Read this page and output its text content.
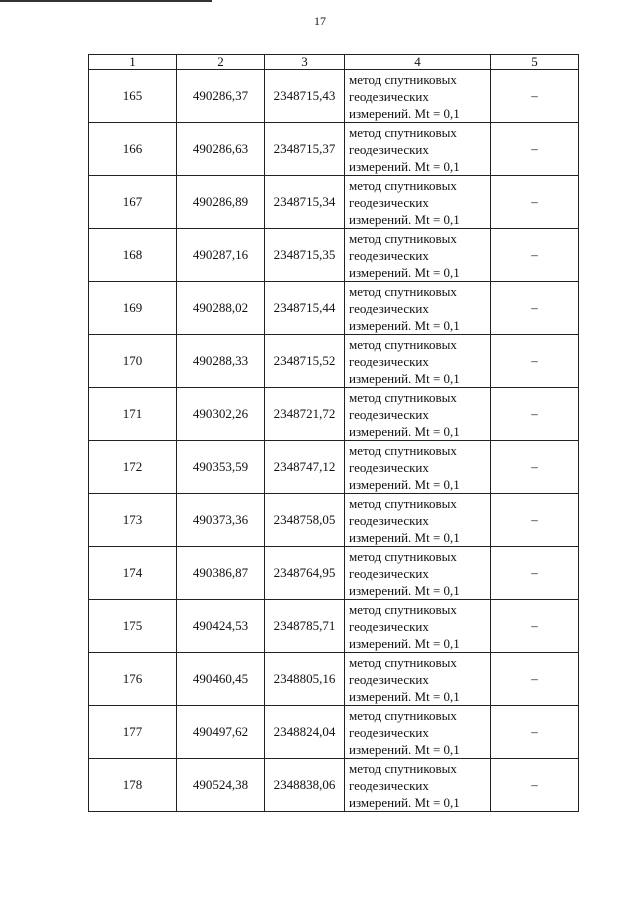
17
1	2	3	4	5
165	490286,37	2348715,43	метод спутниковых
геодезических
измерений. Mt = 0,1	–
166	490286,63	2348715,37	метод спутниковых
геодезических
измерений. Mt = 0,1	–
167	490286,89	2348715,34	метод спутниковых
геодезических
измерений. Mt = 0,1	–
168	490287,16	2348715,35	метод спутниковых
геодезических
измерений. Mt = 0,1	–
169	490288,02	2348715,44	метод спутниковых
геодезических
измерений. Mt = 0,1	–
170	490288,33	2348715,52	метод спутниковых
геодезических
измерений. Mt = 0,1	–
171	490302,26	2348721,72	метод спутниковых
геодезических
измерений. Mt = 0,1	–
172	490353,59	2348747,12	метод спутниковых
геодезических
измерений. Mt = 0,1	–
173	490373,36	2348758,05	метод спутниковых
геодезических
измерений. Mt = 0,1	–
174	490386,87	2348764,95	метод спутниковых
геодезических
измерений. Mt = 0,1	–
175	490424,53	2348785,71	метод спутниковых
геодезических
измерений. Mt = 0,1	–
176	490460,45	2348805,16	метод спутниковых
геодезических
измерений. Mt = 0,1	–
177	490497,62	2348824,04	метод спутниковых
геодезических
измерений. Mt = 0,1	–
178	490524,38	2348838,06	метод спутниковых
геодезических
измерений. Mt = 0,1	–
